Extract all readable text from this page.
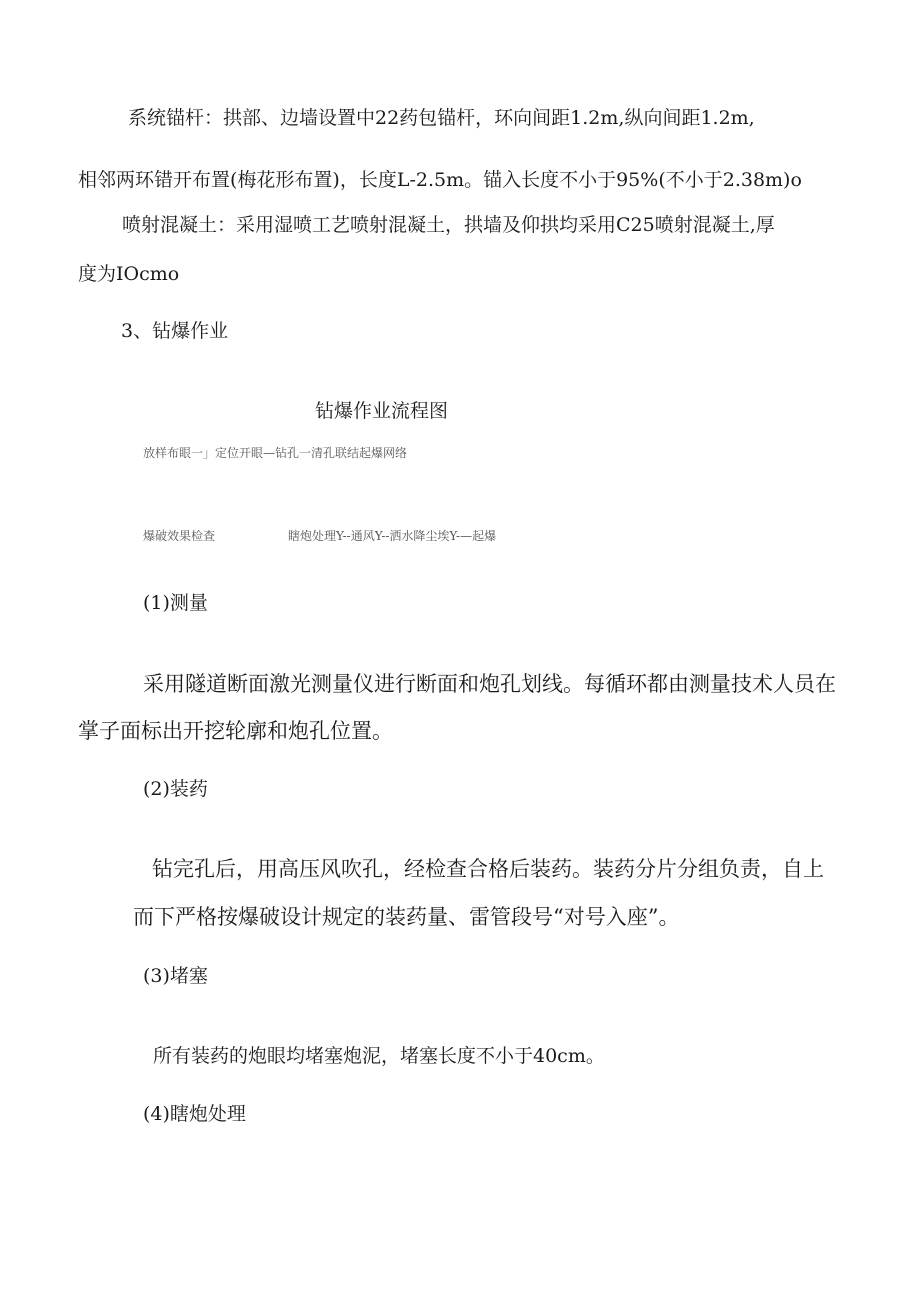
系统锚杆：拱部、边墙设置中22药包锚杆，环向间距1.2m,纵向间距1.2m,
相邻两环错开布置(梅花形布置)，长度L-2.5m。锚入长度不小于95%(不小于2.38m)o
喷射混凝土：采用湿喷工艺喷射混凝土，拱墙及仰拱均采用C25喷射混凝土,厚
度为IOcmo
3、钻爆作业
钻爆作业流程图
放样布眼一」定位开眼—钻孔一清孔联结起爆网络
爆破效果检查	瞎炮处理Y--通风Y--洒水降尘埃Y-—起爆
(1)测量
采用隧道断面激光测量仪进行断面和炮孔划线。每循环都由测量技术人员在
掌子面标出开挖轮廓和炮孔位置。
(2)装药
钻完孔后，用高压风吹孔，经检查合格后装药。装药分片分组负责，自上
而下严格按爆破设计规定的装药量、雷管段号“对号入座”。
(3)堵塞
所有装药的炮眼均堵塞炮泥，堵塞长度不小于40cm。
(4)瞎炮处理
